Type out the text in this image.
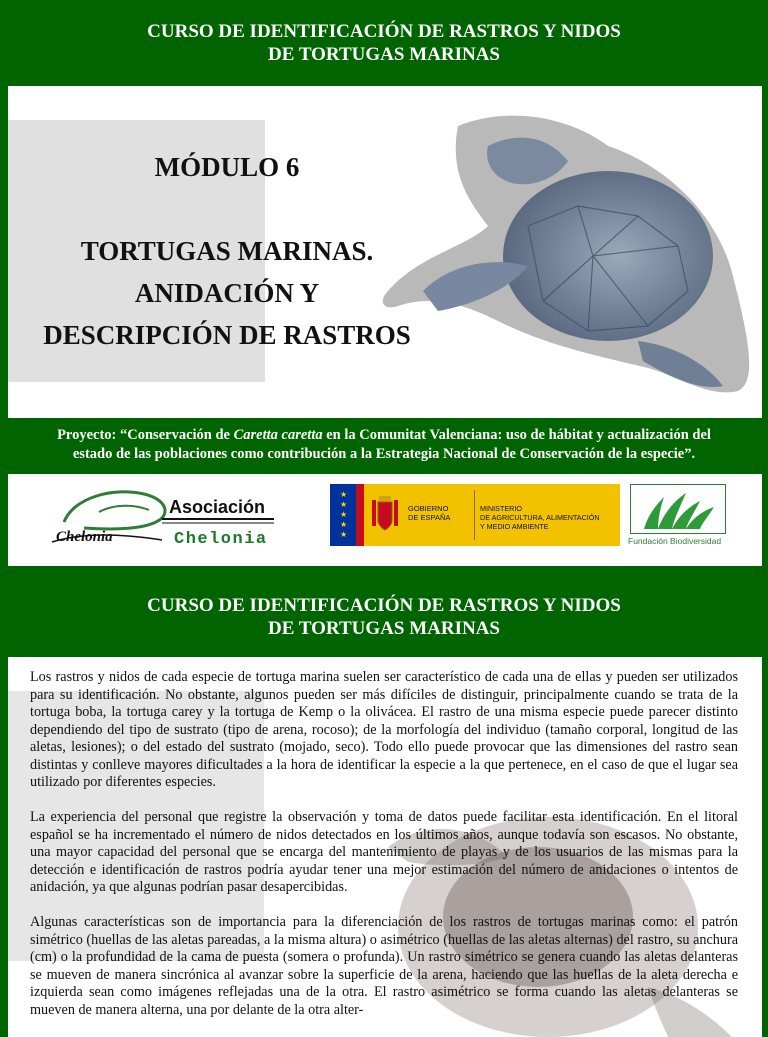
CURSO DE IDENTIFICACIÓN DE RASTROS Y NIDOS
DE TORTUGAS MARINAS
MÓDULO 6
TORTUGAS MARINAS.
ANIDACIÓN Y
DESCRIPCIÓN DE RASTROS
Proyecto: “Conservación de Caretta caretta en la Comunitat Valenciana: uso de hábitat y actualización del
estado de las poblaciones como contribución a la Estrategia Nacional de Conservación de la especie”.
Asociación
Chelonia
Chelonia
★
★
★
★
★
GOBIERNO
DE ESPAÑA
MINISTERIO
DE AGRICULTURA, ALIMENTACIÓN
Y MEDIO AMBIENTE
Fundación Biodiversidad
CURSO DE IDENTIFICACIÓN DE RASTROS Y NIDOS
DE TORTUGAS MARINAS

Los rastros y nidos de cada especie de tortuga marina suelen ser característico de cada una de ellas y pueden ser utilizados para su identificación. No obstante, algunos pueden ser más difíciles de distinguir, principalmente cuando se trata de la tortuga boba, la tortuga carey y la tortuga de Kemp o la olivácea. El rastro de una misma especie puede parecer distinto dependiendo del tipo de sustrato (tipo de arena, rocoso); de la morfología del individuo (tamaño corporal, longitud de las aletas, lesiones); o del estado del sustrato (mojado, seco). Todo ello puede provocar que las dimensiones del rastro sean distintas y conlleve mayores dificultades a la hora de identificar la especie a la que pertenece, en el caso de que el lugar sea utilizado por diferentes especies.

La experiencia del personal que registre la observación y toma de datos puede facilitar esta identificación. En el litoral español se ha incrementado el número de nidos detectados en los últimos años, aunque todavía son escasos. No obstante, una mayor capacidad del personal que se encarga del mantenimiento de playas y de los usuarios de las mismas para la detección e identificación de rastros podría ayudar tener una mejor estimación del número de anidaciones o intentos de anidación, ya que algunas podrían pasar desapercibidas.

Algunas características son de importancia para la diferenciación de los rastros de tortugas marinas como: el patrón simétrico (huellas de las aletas pareadas, a la misma altura) o asimétrico (huellas de las aletas alternas) del rastro, su anchura (cm) o la profundidad de la cama de puesta (somera o profunda). Un rastro simétrico se genera cuando las aletas delanteras se mueven de manera sincrónica al avanzar sobre la superficie de la arena, haciendo que las huellas de la aleta derecha e izquierda sean como imágenes reflejadas una de la otra. El rastro asimétrico se forma cuando las aletas delanteras se mueven de manera alterna, una por delante de la otra alter-
